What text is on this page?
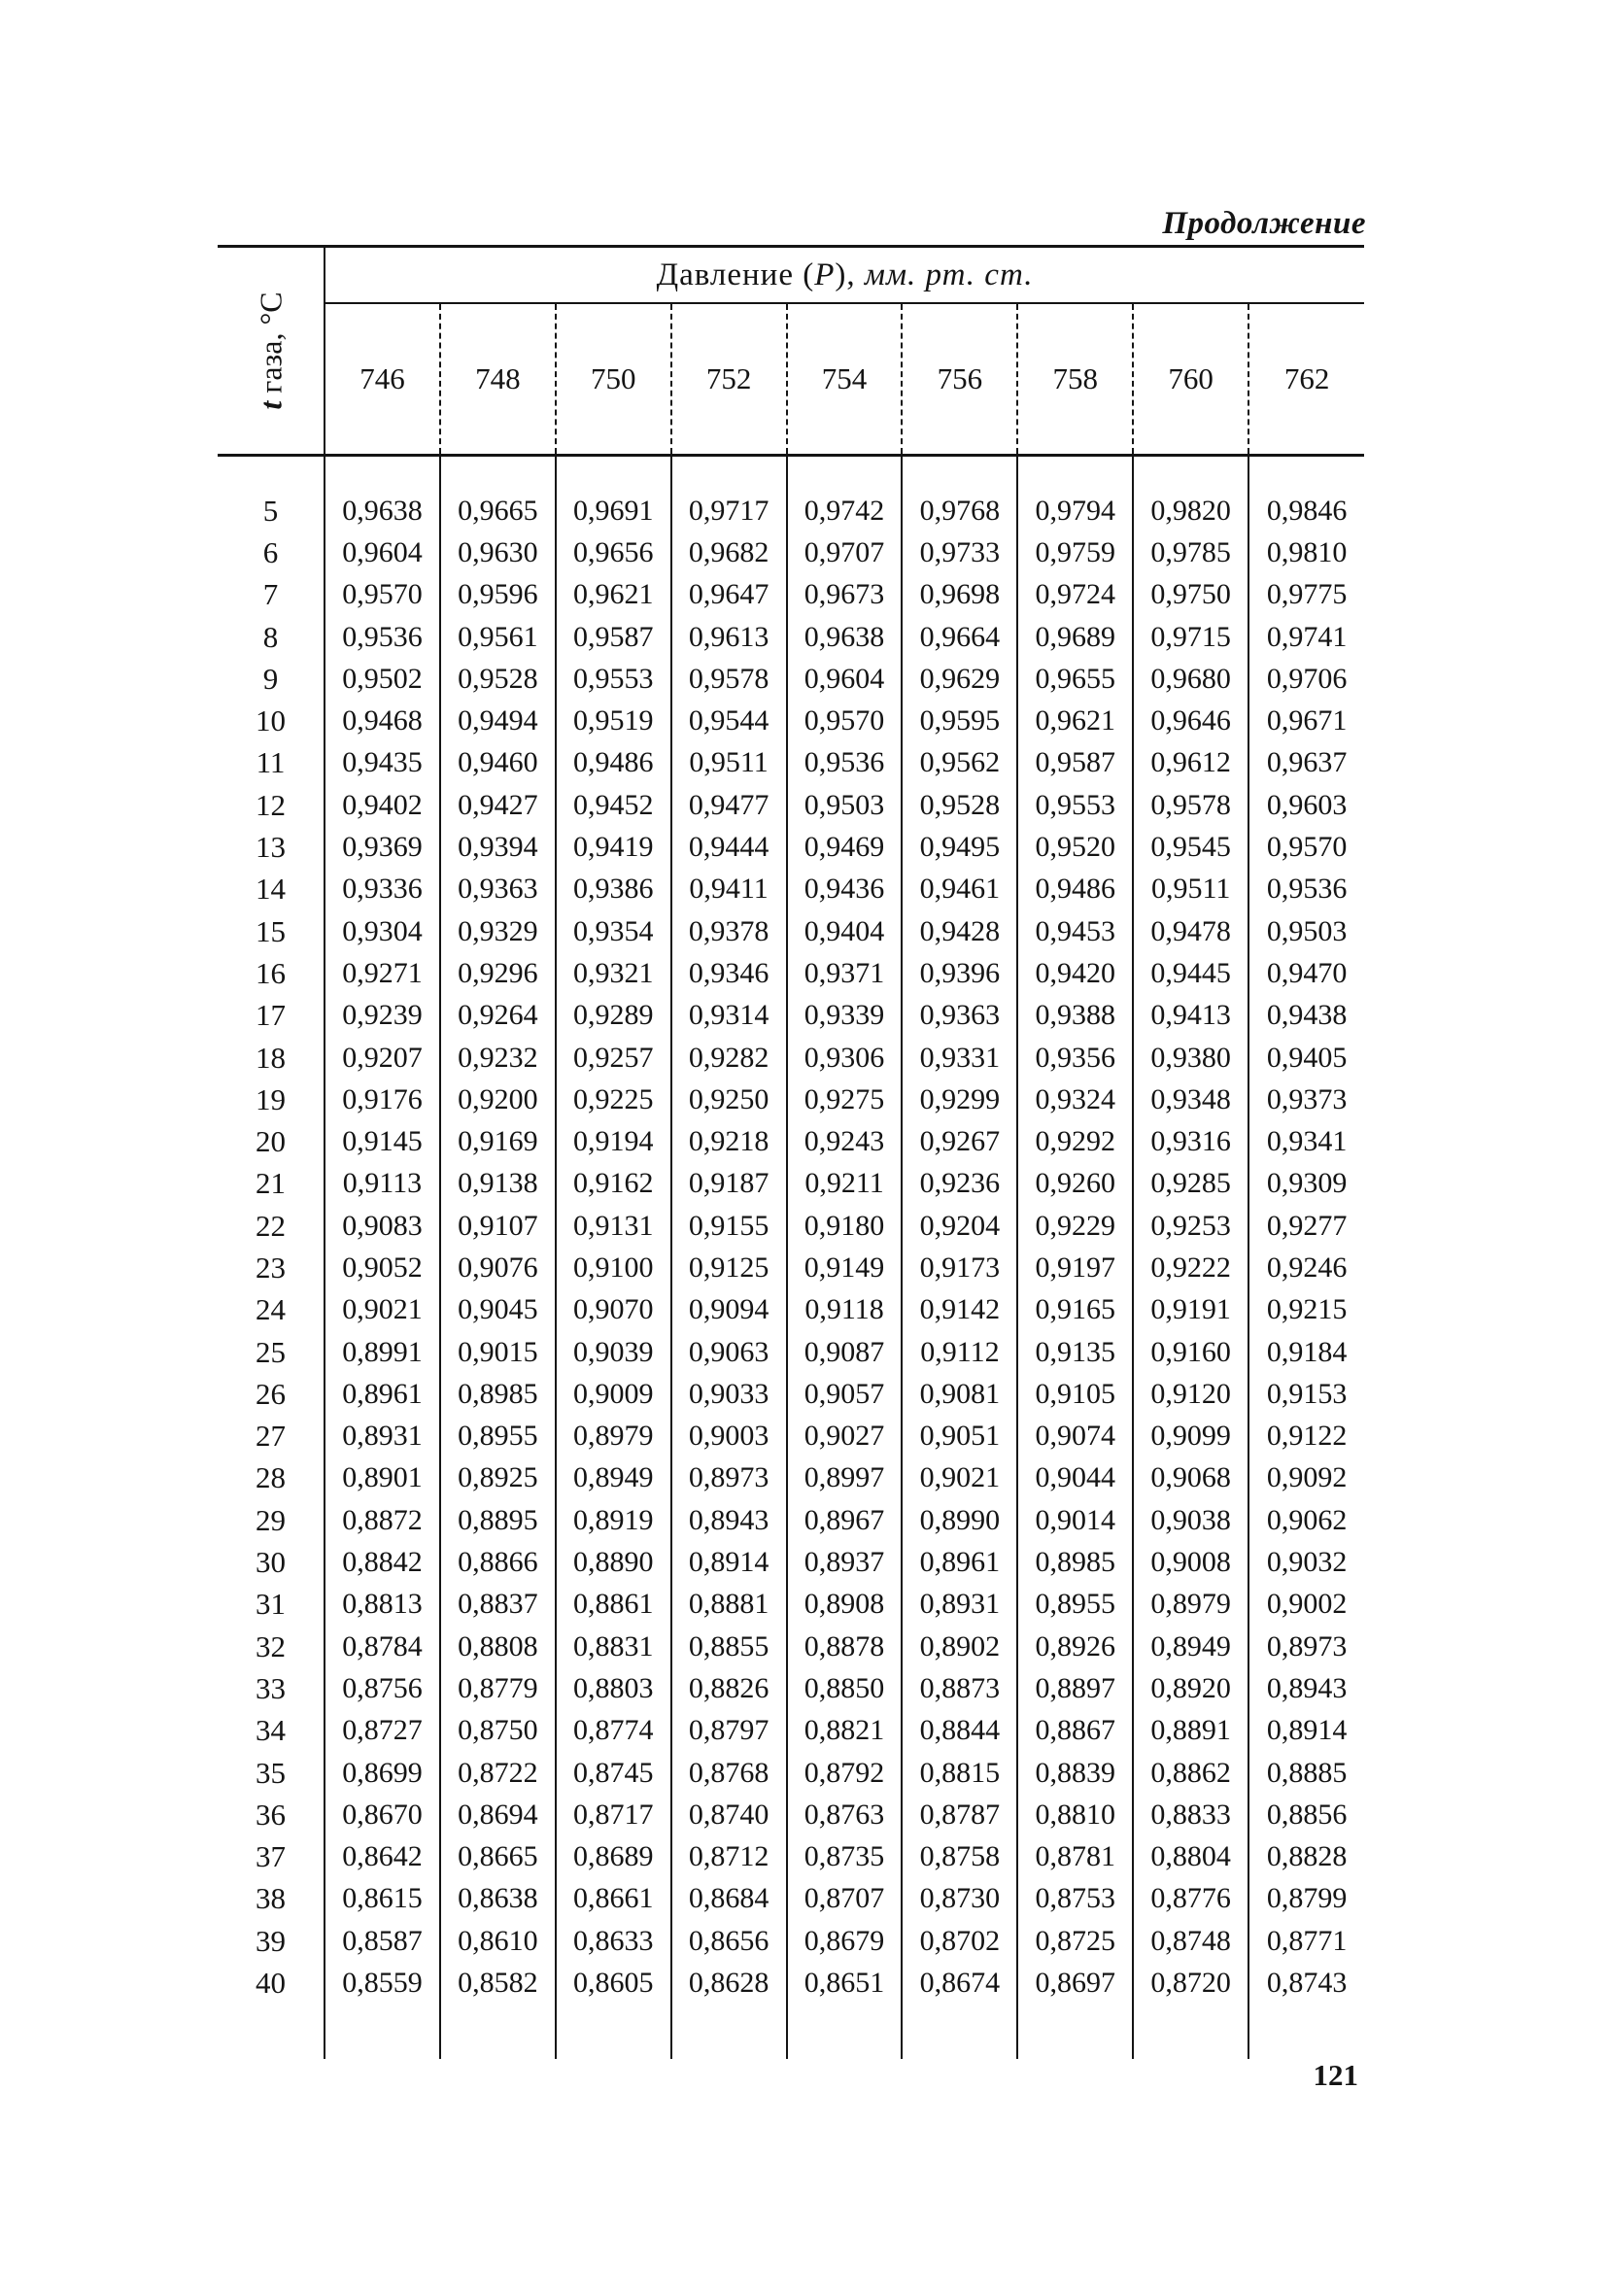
Продолжение
t газа, °C	Давление (P), мм. рт. ст.								
	746	748	750	752	754	756	758	760	762

5	0,9638	0,9665	0,9691	0,9717	0,9742	0,9768	0,9794	0,9820	0,9846
6	0,9604	0,9630	0,9656	0,9682	0,9707	0,9733	0,9759	0,9785	0,9810
7	0,9570	0,9596	0,9621	0,9647	0,9673	0,9698	0,9724	0,9750	0,9775
8	0,9536	0,9561	0,9587	0,9613	0,9638	0,9664	0,9689	0,9715	0,9741
9	0,9502	0,9528	0,9553	0,9578	0,9604	0,9629	0,9655	0,9680	0,9706
10	0,9468	0,9494	0,9519	0,9544	0,9570	0,9595	0,9621	0,9646	0,9671
11	0,9435	0,9460	0,9486	0,9511	0,9536	0,9562	0,9587	0,9612	0,9637
12	0,9402	0,9427	0,9452	0,9477	0,9503	0,9528	0,9553	0,9578	0,9603
13	0,9369	0,9394	0,9419	0,9444	0,9469	0,9495	0,9520	0,9545	0,9570
14	0,9336	0,9363	0,9386	0,9411	0,9436	0,9461	0,9486	0,9511	0,9536
15	0,9304	0,9329	0,9354	0,9378	0,9404	0,9428	0,9453	0,9478	0,9503
16	0,9271	0,9296	0,9321	0,9346	0,9371	0,9396	0,9420	0,9445	0,9470
17	0,9239	0,9264	0,9289	0,9314	0,9339	0,9363	0,9388	0,9413	0,9438
18	0,9207	0,9232	0,9257	0,9282	0,9306	0,9331	0,9356	0,9380	0,9405
19	0,9176	0,9200	0,9225	0,9250	0,9275	0,9299	0,9324	0,9348	0,9373
20	0,9145	0,9169	0,9194	0,9218	0,9243	0,9267	0,9292	0,9316	0,9341
21	0,9113	0,9138	0,9162	0,9187	0,9211	0,9236	0,9260	0,9285	0,9309
22	0,9083	0,9107	0,9131	0,9155	0,9180	0,9204	0,9229	0,9253	0,9277
23	0,9052	0,9076	0,9100	0,9125	0,9149	0,9173	0,9197	0,9222	0,9246
24	0,9021	0,9045	0,9070	0,9094	0,9118	0,9142	0,9165	0,9191	0,9215
25	0,8991	0,9015	0,9039	0,9063	0,9087	0,9112	0,9135	0,9160	0,9184
26	0,8961	0,8985	0,9009	0,9033	0,9057	0,9081	0,9105	0,9120	0,9153
27	0,8931	0,8955	0,8979	0,9003	0,9027	0,9051	0,9074	0,9099	0,9122
28	0,8901	0,8925	0,8949	0,8973	0,8997	0,9021	0,9044	0,9068	0,9092
29	0,8872	0,8895	0,8919	0,8943	0,8967	0,8990	0,9014	0,9038	0,9062
30	0,8842	0,8866	0,8890	0,8914	0,8937	0,8961	0,8985	0,9008	0,9032
31	0,8813	0,8837	0,8861	0,8881	0,8908	0,8931	0,8955	0,8979	0,9002
32	0,8784	0,8808	0,8831	0,8855	0,8878	0,8902	0,8926	0,8949	0,8973
33	0,8756	0,8779	0,8803	0,8826	0,8850	0,8873	0,8897	0,8920	0,8943
34	0,8727	0,8750	0,8774	0,8797	0,8821	0,8844	0,8867	0,8891	0,8914
35	0,8699	0,8722	0,8745	0,8768	0,8792	0,8815	0,8839	0,8862	0,8885
36	0,8670	0,8694	0,8717	0,8740	0,8763	0,8787	0,8810	0,8833	0,8856
37	0,8642	0,8665	0,8689	0,8712	0,8735	0,8758	0,8781	0,8804	0,8828
38	0,8615	0,8638	0,8661	0,8684	0,8707	0,8730	0,8753	0,8776	0,8799
39	0,8587	0,8610	0,8633	0,8656	0,8679	0,8702	0,8725	0,8748	0,8771
40	0,8559	0,8582	0,8605	0,8628	0,8651	0,8674	0,8697	0,8720	0,8743

121
